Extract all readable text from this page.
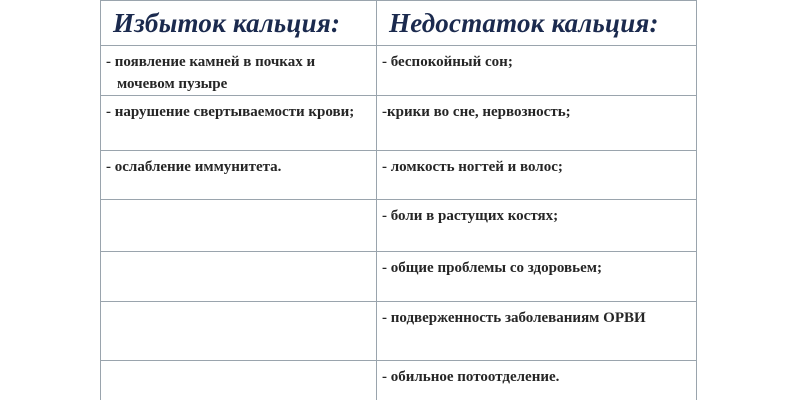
Избыток кальция:	Недостаток кальция:

- появление камней в почках и мочевом пузыре	- беспокойный сон;

- нарушение свертываемости крови;	-крики во сне, нервозность;

- ослабление иммунитета.	- ломкость ногтей и волос;

	- боли в растущих костях;

	- общие проблемы со здоровьем;

	- подверженность заболеваниям ОРВИ

	- обильное потоотделение.
